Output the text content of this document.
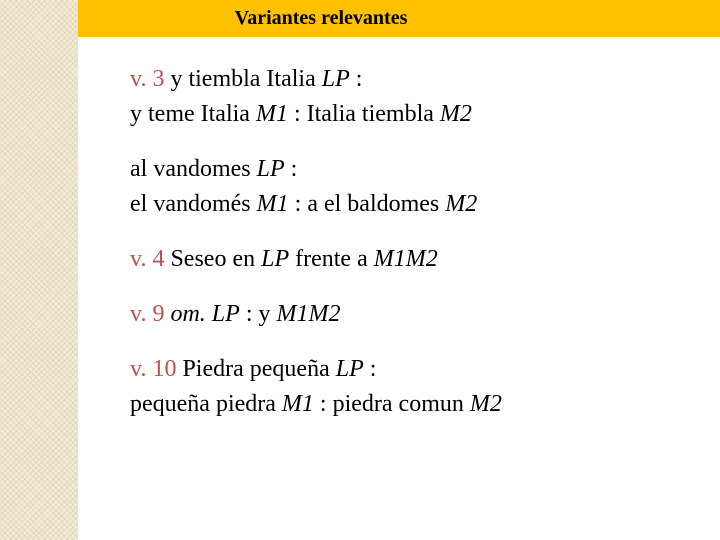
Variantes relevantes
v. 3 y tiembla Italia LP :
y teme Italia M1 : Italia tiembla M2
al vandomes LP :
el vandomés M1 : a el baldomes M2
v. 4 Seseo en LP frente a M1M2
v. 9 om. LP : y M1M2
v. 10 Piedra pequeña LP :
pequeña piedra M1 : piedra comun M2
